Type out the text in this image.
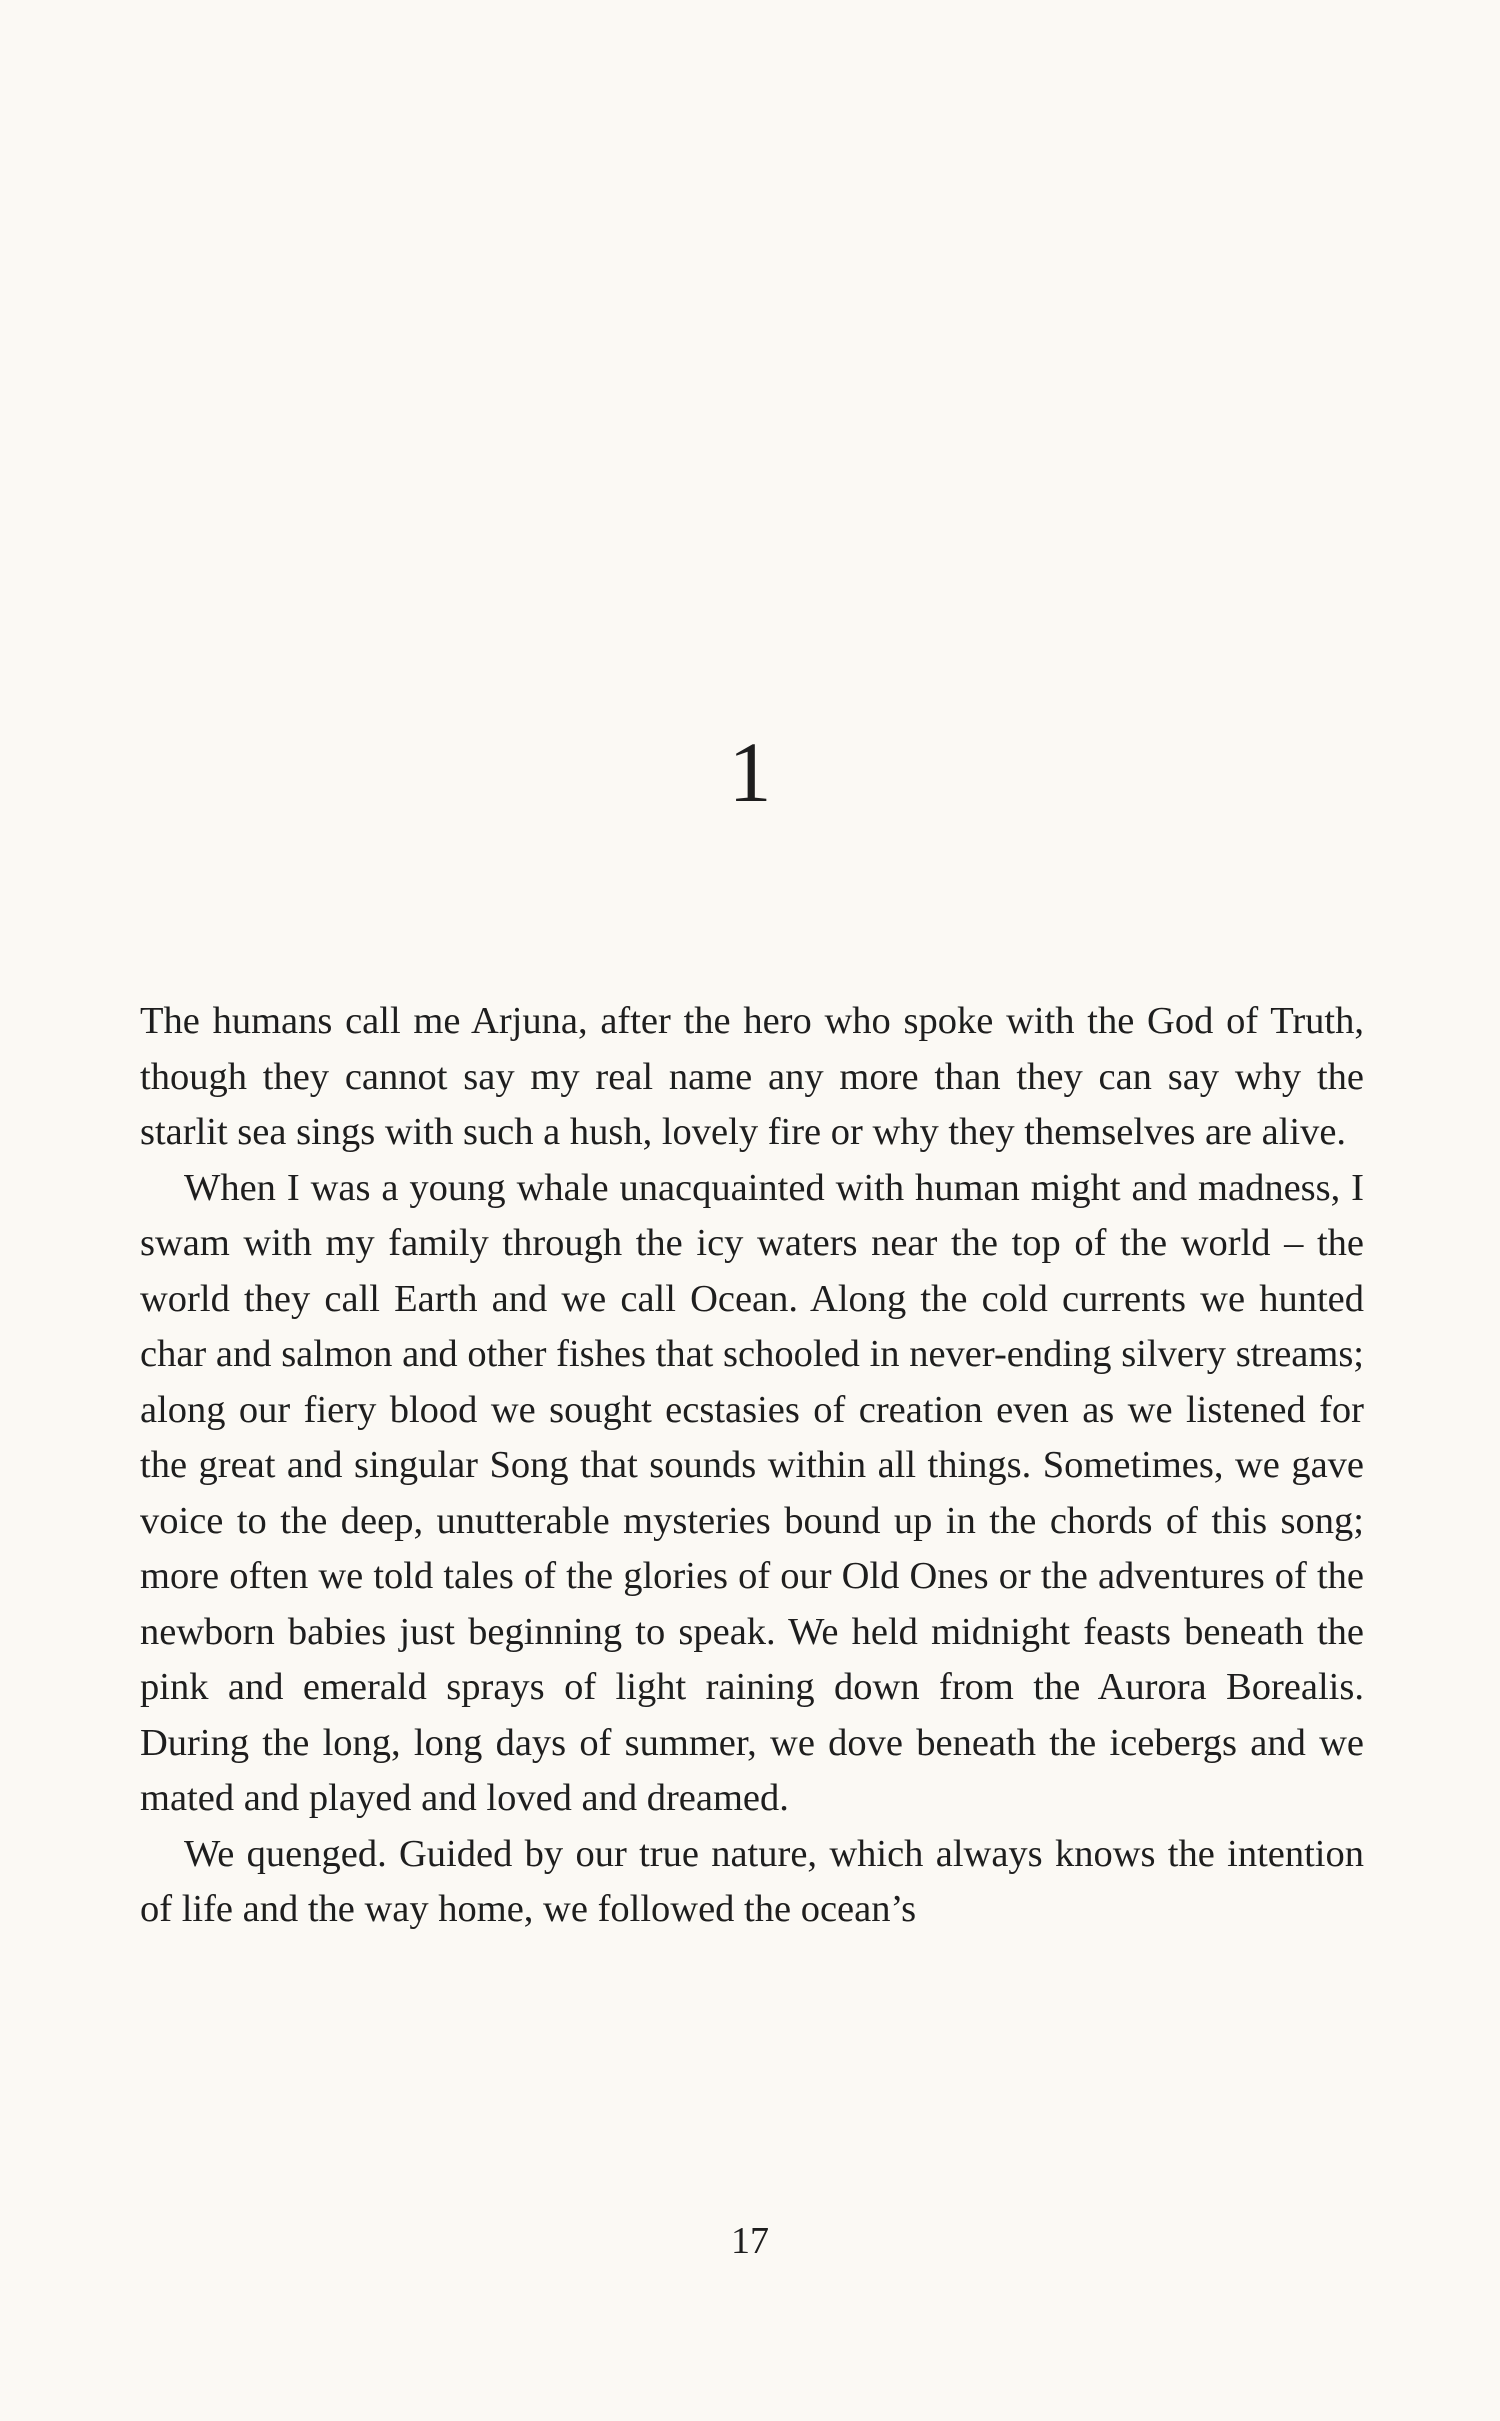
1

The humans call me Arjuna, after the hero who spoke with the God of Truth, though they cannot say my real name any more than they can say why the starlit sea sings with such a hush, lovely fire or why they themselves are alive.

When I was a young whale unacquainted with human might and madness, I swam with my family through the icy waters near the top of the world – the world they call Earth and we call Ocean. Along the cold currents we hunted char and salmon and other fishes that schooled in never-ending silvery streams; along our fiery blood we sought ecstasies of creation even as we listened for the great and singular Song that sounds within all things. Sometimes, we gave voice to the deep, unutterable mysteries bound up in the chords of this song; more often we told tales of the glories of our Old Ones or the adventures of the newborn babies just beginning to speak. We held midnight feasts beneath the pink and emerald sprays of light raining down from the Aurora Borealis. During the long, long days of summer, we dove beneath the icebergs and we mated and played and loved and dreamed.

We quenged. Guided by our true nature, which always knows the intention of life and the way home, we followed the ocean’s

17
